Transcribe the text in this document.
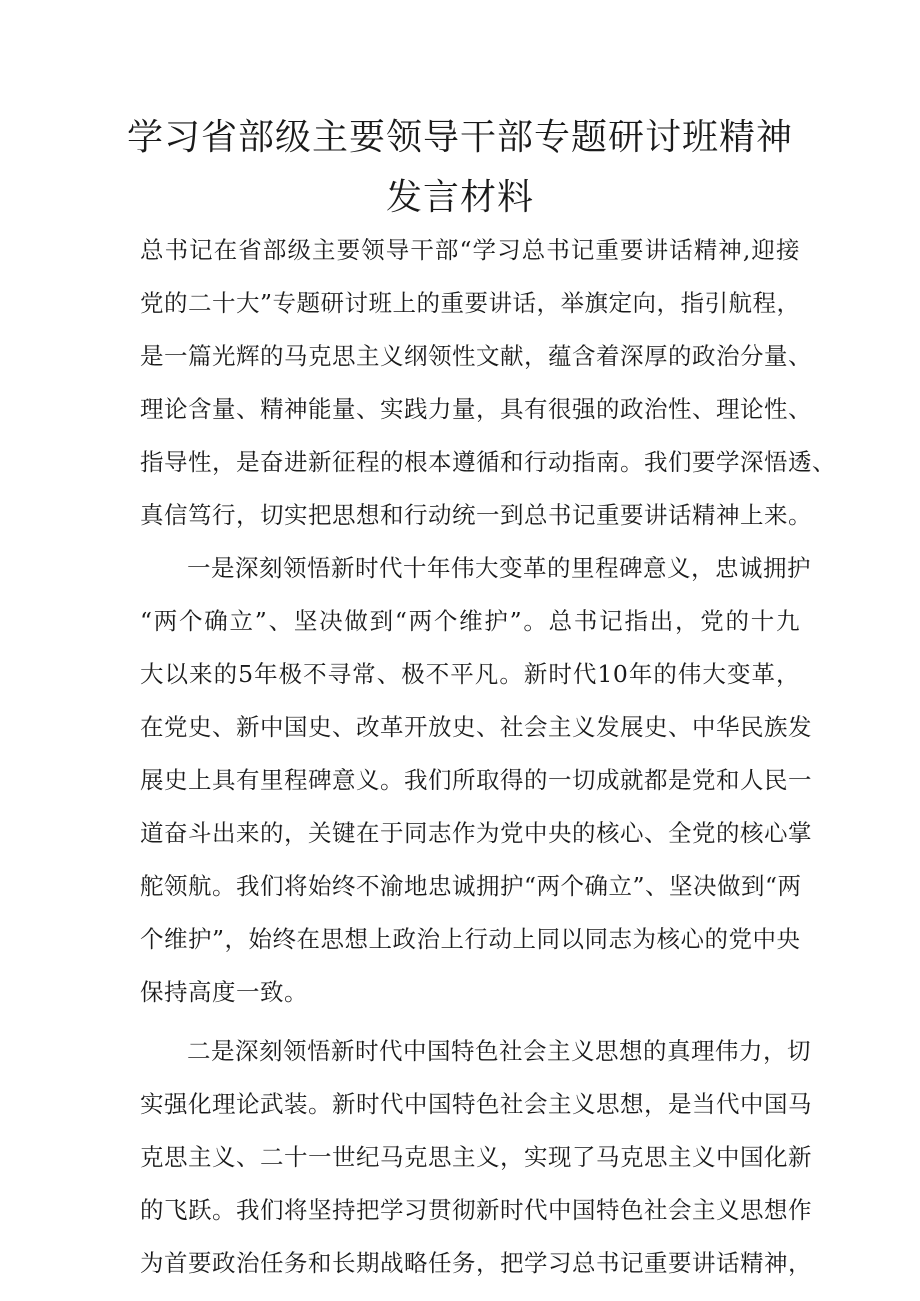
学习省部级主要领导干部专题研讨班精神
发言材料
总书记在省部级主要领导干部“学习总书记重要讲话精神,迎接
党的二十大”专题研讨班上的重要讲话，举旗定向，指引航程，
是一篇光辉的马克思主义纲领性文献，蕴含着深厚的政治分量、
理论含量、精神能量、实践力量，具有很强的政治性、理论性、
指导性，是奋进新征程的根本遵循和行动指南。我们要学深悟透、
真信笃行，切实把思想和行动统一到总书记重要讲话精神上来。
一是深刻领悟新时代十年伟大变革的里程碑意义，忠诚拥护
“两个确立”、坚决做到“两个维护”。总书记指出，党的十九
大以来的5年极不寻常、极不平凡。新时代10年的伟大变革，
在党史、新中国史、改革开放史、社会主义发展史、中华民族发
展史上具有里程碑意义。我们所取得的一切成就都是党和人民一
道奋斗出来的，关键在于同志作为党中央的核心、全党的核心掌
舵领航。我们将始终不渝地忠诚拥护“两个确立”、坚决做到“两
个维护”，始终在思想上政治上行动上同以同志为核心的党中央
保持高度一致。
二是深刻领悟新时代中国特色社会主义思想的真理伟力，切
实强化理论武装。新时代中国特色社会主义思想，是当代中国马
克思主义、二十一世纪马克思主义，实现了马克思主义中国化新
的飞跃。我们将坚持把学习贯彻新时代中国特色社会主义思想作
为首要政治任务和长期战略任务，把学习总书记重要讲话精神，
